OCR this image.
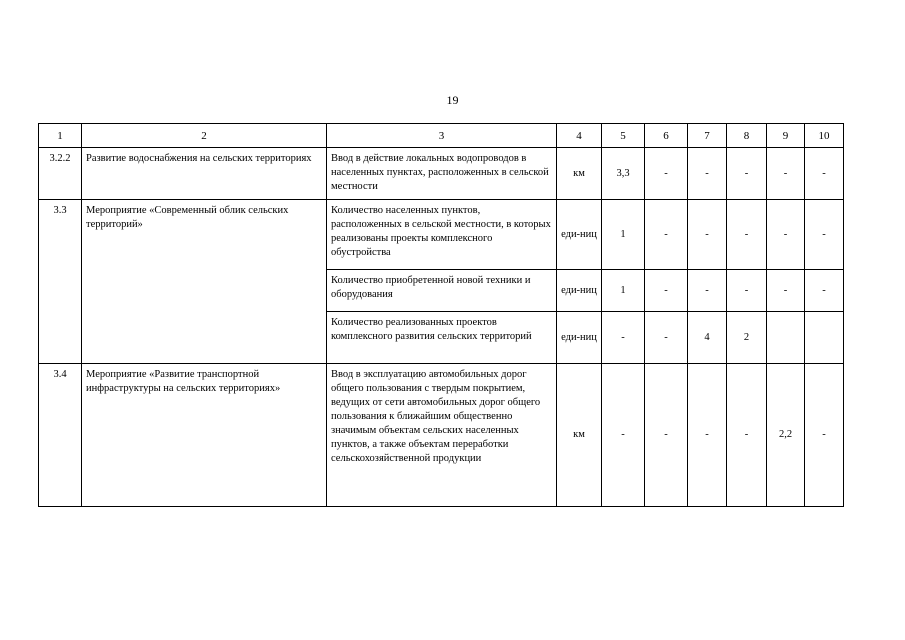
19
1	2	3	4	5	6	7	8	9	10
3.2.2	Развитие водоснабжения на сельских территориях	Ввод в действие локальных водопроводов в населенных пунктах, расположенных в сельской местности	км	3,3	-	-	-	-	-
3.3	Мероприятие «Современный облик сельских территорий»	Количество населенных пунктов, расположенных в сельской местности, в которых реализованы проекты комплексного обустройства	еди-ниц	1	-	-	-	-	-
		Количество приобретенной новой техники и оборудования	еди-ниц	1	-	-	-	-	-
		Количество реализованных проектов комплексного развития сельских территорий	еди-ниц	-	-	4	2		
3.4	Мероприятие «Развитие транспортной инфраструктуры на сельских территориях»	Ввод в эксплуатацию автомобильных дорог общего пользования с твердым покрытием, ведущих от сети автомобильных дорог общего пользования к ближайшим общественно значимым объектам сельских населенных пунктов, а также объектам переработки сельскохозяйственной продукции	км	-	-	-	-	2,2	-
